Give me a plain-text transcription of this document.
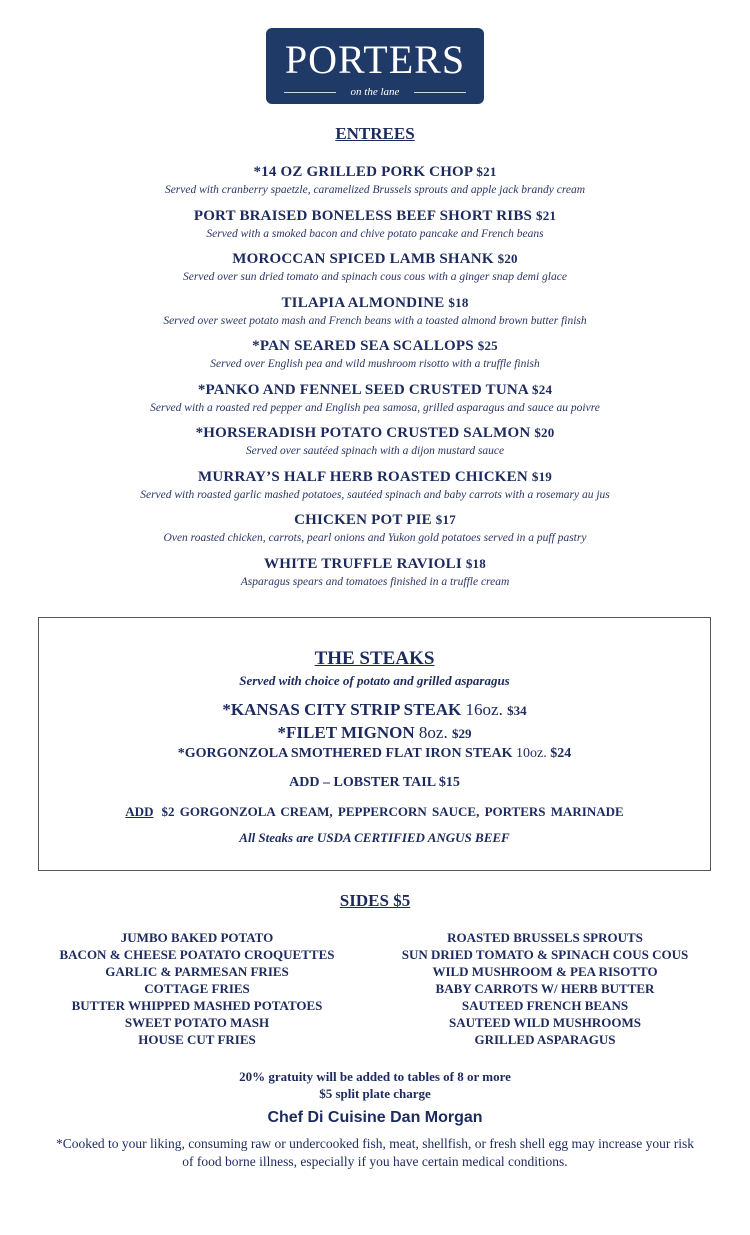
PORTERS
on the lane
ENTREES
*14 OZ GRILLED PORK CHOP $21
Served with cranberry spaetzle, caramelized Brussels sprouts and apple jack brandy cream
PORT BRAISED BONELESS BEEF SHORT RIBS $21
Served with a smoked bacon and chive potato pancake and French beans
MOROCCAN SPICED LAMB SHANK $20
Served over sun dried tomato and spinach cous cous with a ginger snap demi glace
TILAPIA ALMONDINE $18
Served over sweet potato mash and French beans with a toasted almond brown butter finish
*PAN SEARED SEA SCALLOPS $25
Served over English pea and wild mushroom risotto with a truffle finish
*PANKO AND FENNEL SEED CRUSTED TUNA $24
Served with a roasted red pepper and English pea samosa, grilled asparagus and sauce au poivre
*HORSERADISH POTATO CRUSTED SALMON $20
Served over sautéed spinach with a dijon mustard sauce
MURRAY’S HALF HERB ROASTED CHICKEN $19
Served with roasted garlic mashed potatoes, sautéed spinach and baby carrots with a rosemary au jus
CHICKEN POT PIE $17
Oven roasted chicken, carrots, pearl onions and Yukon gold potatoes served in a puff pastry
WHITE TRUFFLE RAVIOLI $18
Asparagus spears and tomatoes finished in a truffle cream
THE STEAKS
Served with choice of potato and grilled asparagus
*KANSAS CITY STRIP STEAK 16oz. $34
*FILET MIGNON 8oz. $29
*GORGONZOLA SMOTHERED FLAT IRON STEAK 10oz. $24
ADD – LOBSTER TAIL $15
ADD $2 GORGONZOLA CREAM, PEPPERCORN SAUCE, PORTERS MARINADE
All Steaks are USDA CERTIFIED ANGUS BEEF
SIDES $5
JUMBO BAKED POTATO
BACON & CHEESE POATATO CROQUETTES
GARLIC & PARMESAN FRIES
COTTAGE FRIES
BUTTER WHIPPED MASHED POTATOES
SWEET POTATO MASH
HOUSE CUT FRIES
ROASTED BRUSSELS SPROUTS
SUN DRIED TOMATO & SPINACH COUS COUS
WILD MUSHROOM & PEA RISOTTO
BABY CARROTS W/ HERB BUTTER
SAUTEED FRENCH BEANS
SAUTEED WILD MUSHROOMS
GRILLED ASPARAGUS
20% gratuity will be added to tables of 8 or more
$5 split plate charge
Chef Di Cuisine Dan Morgan
*Cooked to your liking, consuming raw or undercooked fish, meat, shellfish, or fresh shell egg may increase your risk of food borne illness, especially if you have certain medical conditions.
